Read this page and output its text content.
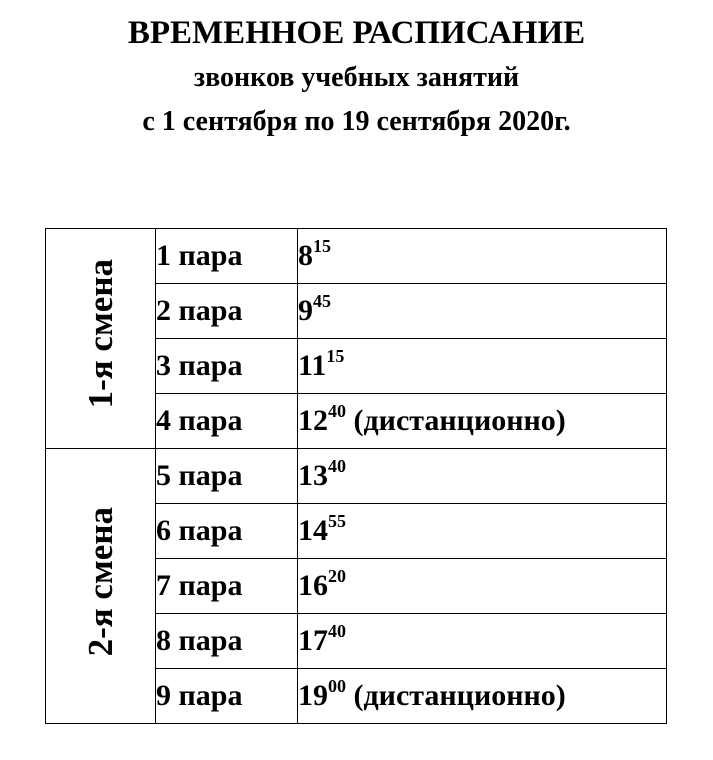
ВРЕМЕННОЕ РАСПИСАНИЕ
звонков учебных занятий
с 1 сентября по 19 сентября 2020г.
1-я смена	1 пара	$8^{15}$
	2 пара	$9^{45}$
	3 пара	$11^{15}$
	4 пара	$12^{40}$ (дистанционно)
2-я смена	5 пара	$13^{40}$
	6 пара	$14^{55}$
	7 пара	$16^{20}$
	8 пара	$17^{40}$
	9 пара	$19^{00}$ (дистанционно)
